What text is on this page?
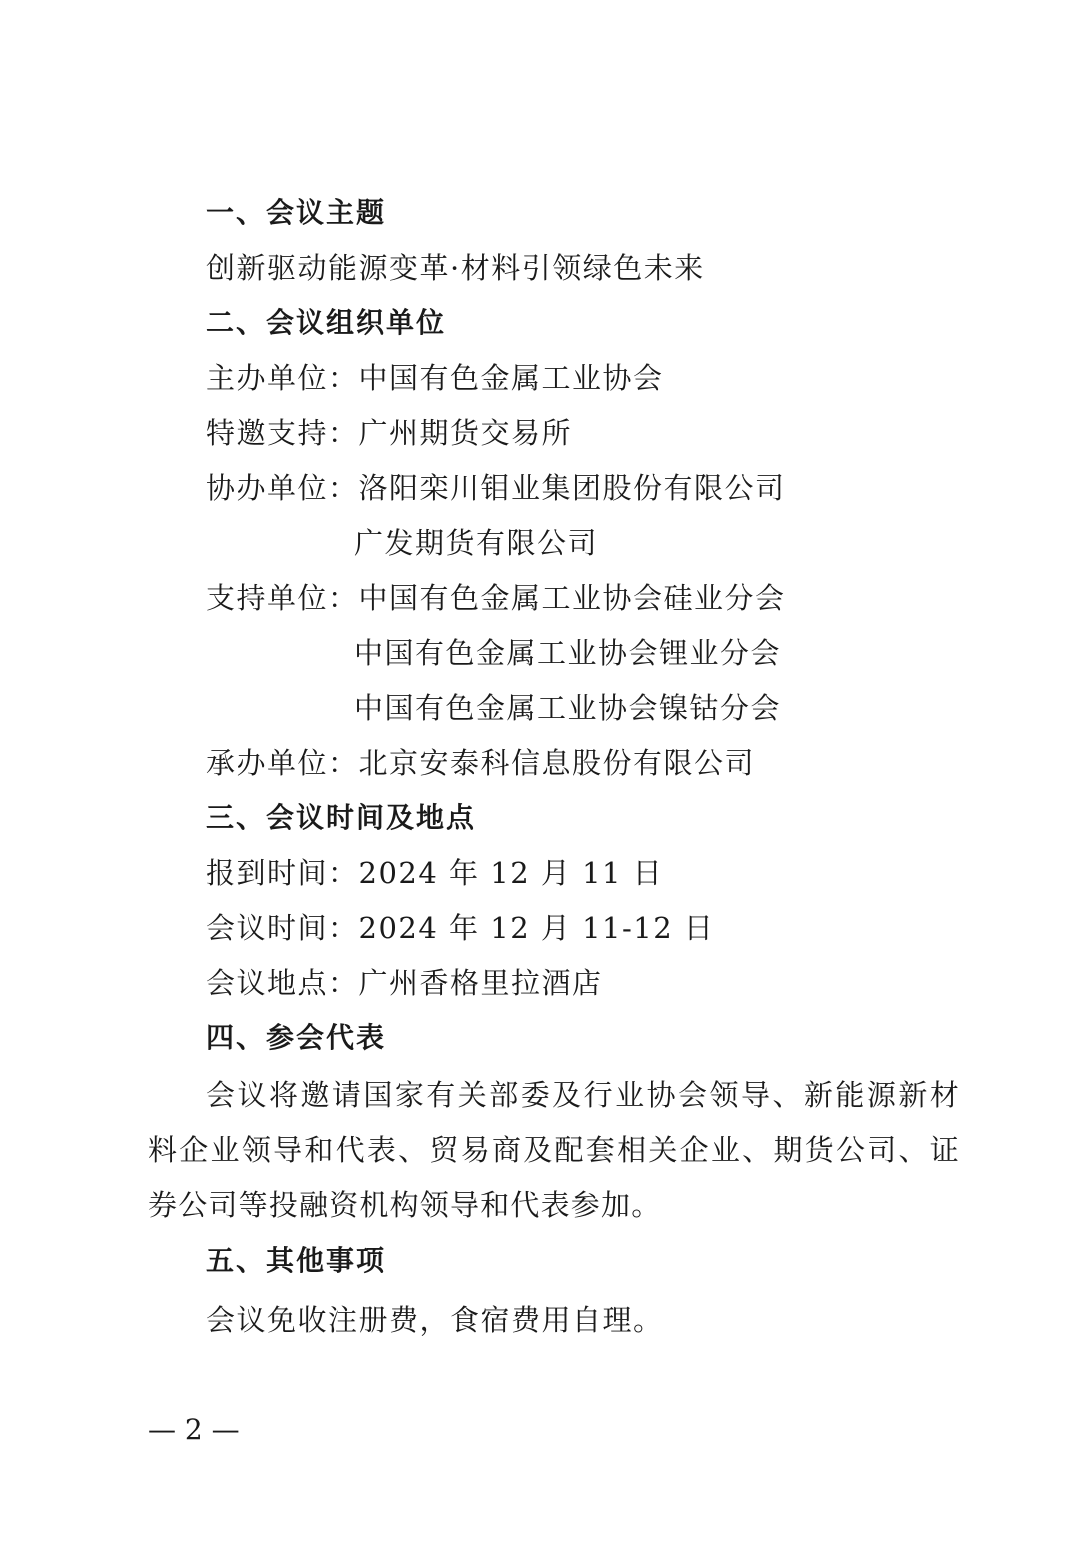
一、会议主题
创新驱动能源变革·材料引领绿色未来
二、会议组织单位
主办单位：中国有色金属工业协会
特邀支持：广州期货交易所
协办单位：洛阳栾川钼业集团股份有限公司
广发期货有限公司
支持单位：中国有色金属工业协会硅业分会
中国有色金属工业协会锂业分会
中国有色金属工业协会镍钴分会
承办单位：北京安泰科信息股份有限公司
三、会议时间及地点
报到时间：2024 年 12 月 11 日
会议时间：2024 年 12 月 11-12 日
会议地点：广州香格里拉酒店
四、参会代表
会议将邀请国家有关部委及行业协会领导、新能源新材料企业领导和代表、贸易商及配套相关企业、期货公司、证券公司等投融资机构领导和代表参加。
五、其他事项
会议免收注册费，食宿费用自理。
— 2 —
